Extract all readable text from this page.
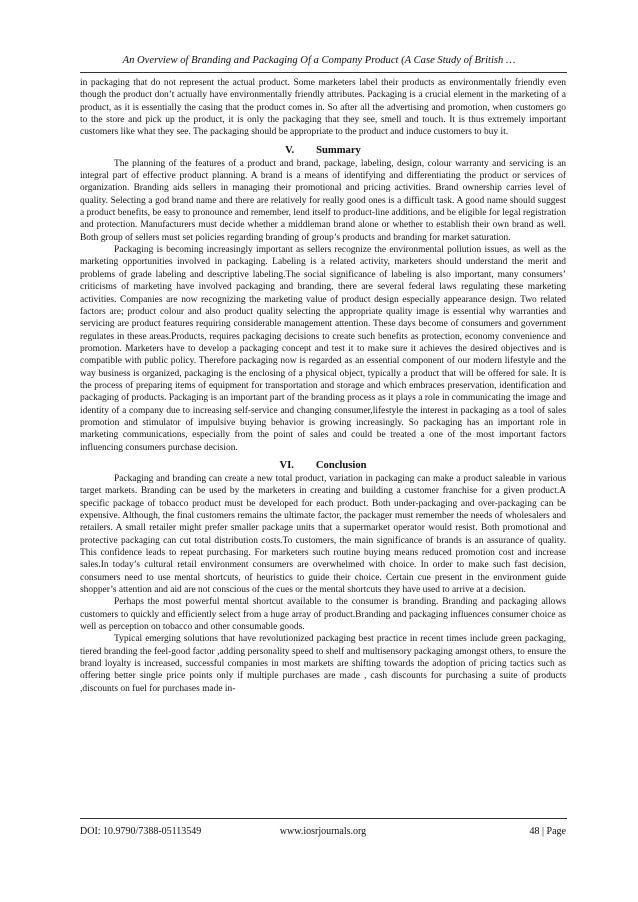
An Overview of Branding and Packaging Of a Company Product (A Case Study of British …

in packaging that do not represent the actual product. Some marketers label their products as environmentally friendly even though the product don’t actually have environmentally friendly attributes. Packaging is a crucial element in the marketing of a product, as it is essentially the casing that the product comes in. So after all the advertising and promotion, when customers go to the store and pick up the product, it is only the packaging that they see, smell and touch. It is thus extremely important customers like what they see. The packaging should be appropriate to the product and induce customers to buy it.

V. Summary

The planning of the features of a product and brand, package, labeling, design, colour warranty and servicing is an integral part of effective product planning. A brand is a means of identifying and differentiating the product or services of organization. Branding aids sellers in managing their promotional and pricing activities. Brand ownership carries level of quality. Selecting a god brand name and there are relatively for really good ones is a difficult task. A good name should suggest a product benefits, be easy to pronounce and remember, lend itself to product-line additions, and be eligible for legal registration and protection. Manufacturers must decide whether a middleman brand alone or whether to establish their own brand as well. Both group of sellers must set policies regarding branding of group’s products and branding for market saturation.

Packaging is becoming increasingly important as sellers recognize the environmental pollution issues, as well as the marketing opportunities involved in packaging. Labeling is a related activity, marketers should understand the merit and problems of grade labeling and descriptive labeling.The social significance of labeling is also important, many consumers’ criticisms of marketing have involved packaging and branding, there are several federal laws regulating these marketing activities. Companies are now recognizing the marketing value of product design especially appearance design. Two related factors are; product colour and also product quality selecting the appropriate quality image is essential why warranties and servicing are product features requiring considerable management attention. These days become of consumers and government regulates in these areas.Products, requires packaging decisions to create such benefits as protection, economy convenience and promotion. Marketers have to develop a packaging concept and test it to make sure it achieves the desired objectives and is compatible with public policy. Therefore packaging now is regarded as an essential component of our modern lifestyle and the way business is organized, packaging is the enclosing of a physical object, typically a product that will be offered for sale. It is the process of preparing items of equipment for transportation and storage and which embraces preservation, identification and packaging of products. Packaging is an important part of the branding process as it plays a role in communicating the image and identity of a company due to increasing self-service and changing consumer,lifestyle the interest in packaging as a tool of sales promotion and stimulator of impulsive buying behavior is growing increasingly. So packaging has an important role in marketing communications, especially from the point of sales and could be treated a one of the most important factors influencing consumers purchase decision.

VI. Conclusion

Packaging and branding can create a new total product, variation in packaging can make a product saleable in various target markets. Branding can be used by the marketers in creating and building a customer franchise for a given product.A specific package of tobacco product must be developed for each product. Both under-packaging and over-packaging can be expensive. Although, the final customers remains the ultimate factor, the packager must remember the needs of wholesalers and retailers. A small retailer might prefer smaller package units that a supermarket operator would resist. Both promotional and protective packaging can cut total distribution costs.To customers, the main significance of brands is an assurance of quality. This confidence leads to repeat purchasing. For marketers such routine buying means reduced promotion cost and increase sales.In today’s cultural retail environment consumers are overwhelmed with choice. In order to make such fast decision, consumers need to use mental shortcuts, of heuristics to guide their choice. Certain cue present in the environment guide shopper’s attention and aid are not conscious of the cues or the mental shortcuts they have used to arrive at a decision.

Perhaps the most powerful mental shortcut available to the consumer is branding. Branding and packaging allows customers to quickly and efficiently select from a huge array of product.Branding and packaging influences consumer choice as well as perception on tobacco and other consumable goods.

Typical emerging solutions that have revolutionized packaging best practice in recent times include green packaging, tiered branding the feel-good factor ,adding personality speed to shelf and multisensory packaging amongst others, to ensure the brand loyalty is increased, successful companies in most markets are shifting towards the adoption of pricing tactics such as offering better single price points only if multiple purchases are made , cash discounts for purchasing a suite of products ,discounts on fuel for purchases made in-

DOI: 10.9790/7388-05113549	www.iosrjournals.org	48 | Page
